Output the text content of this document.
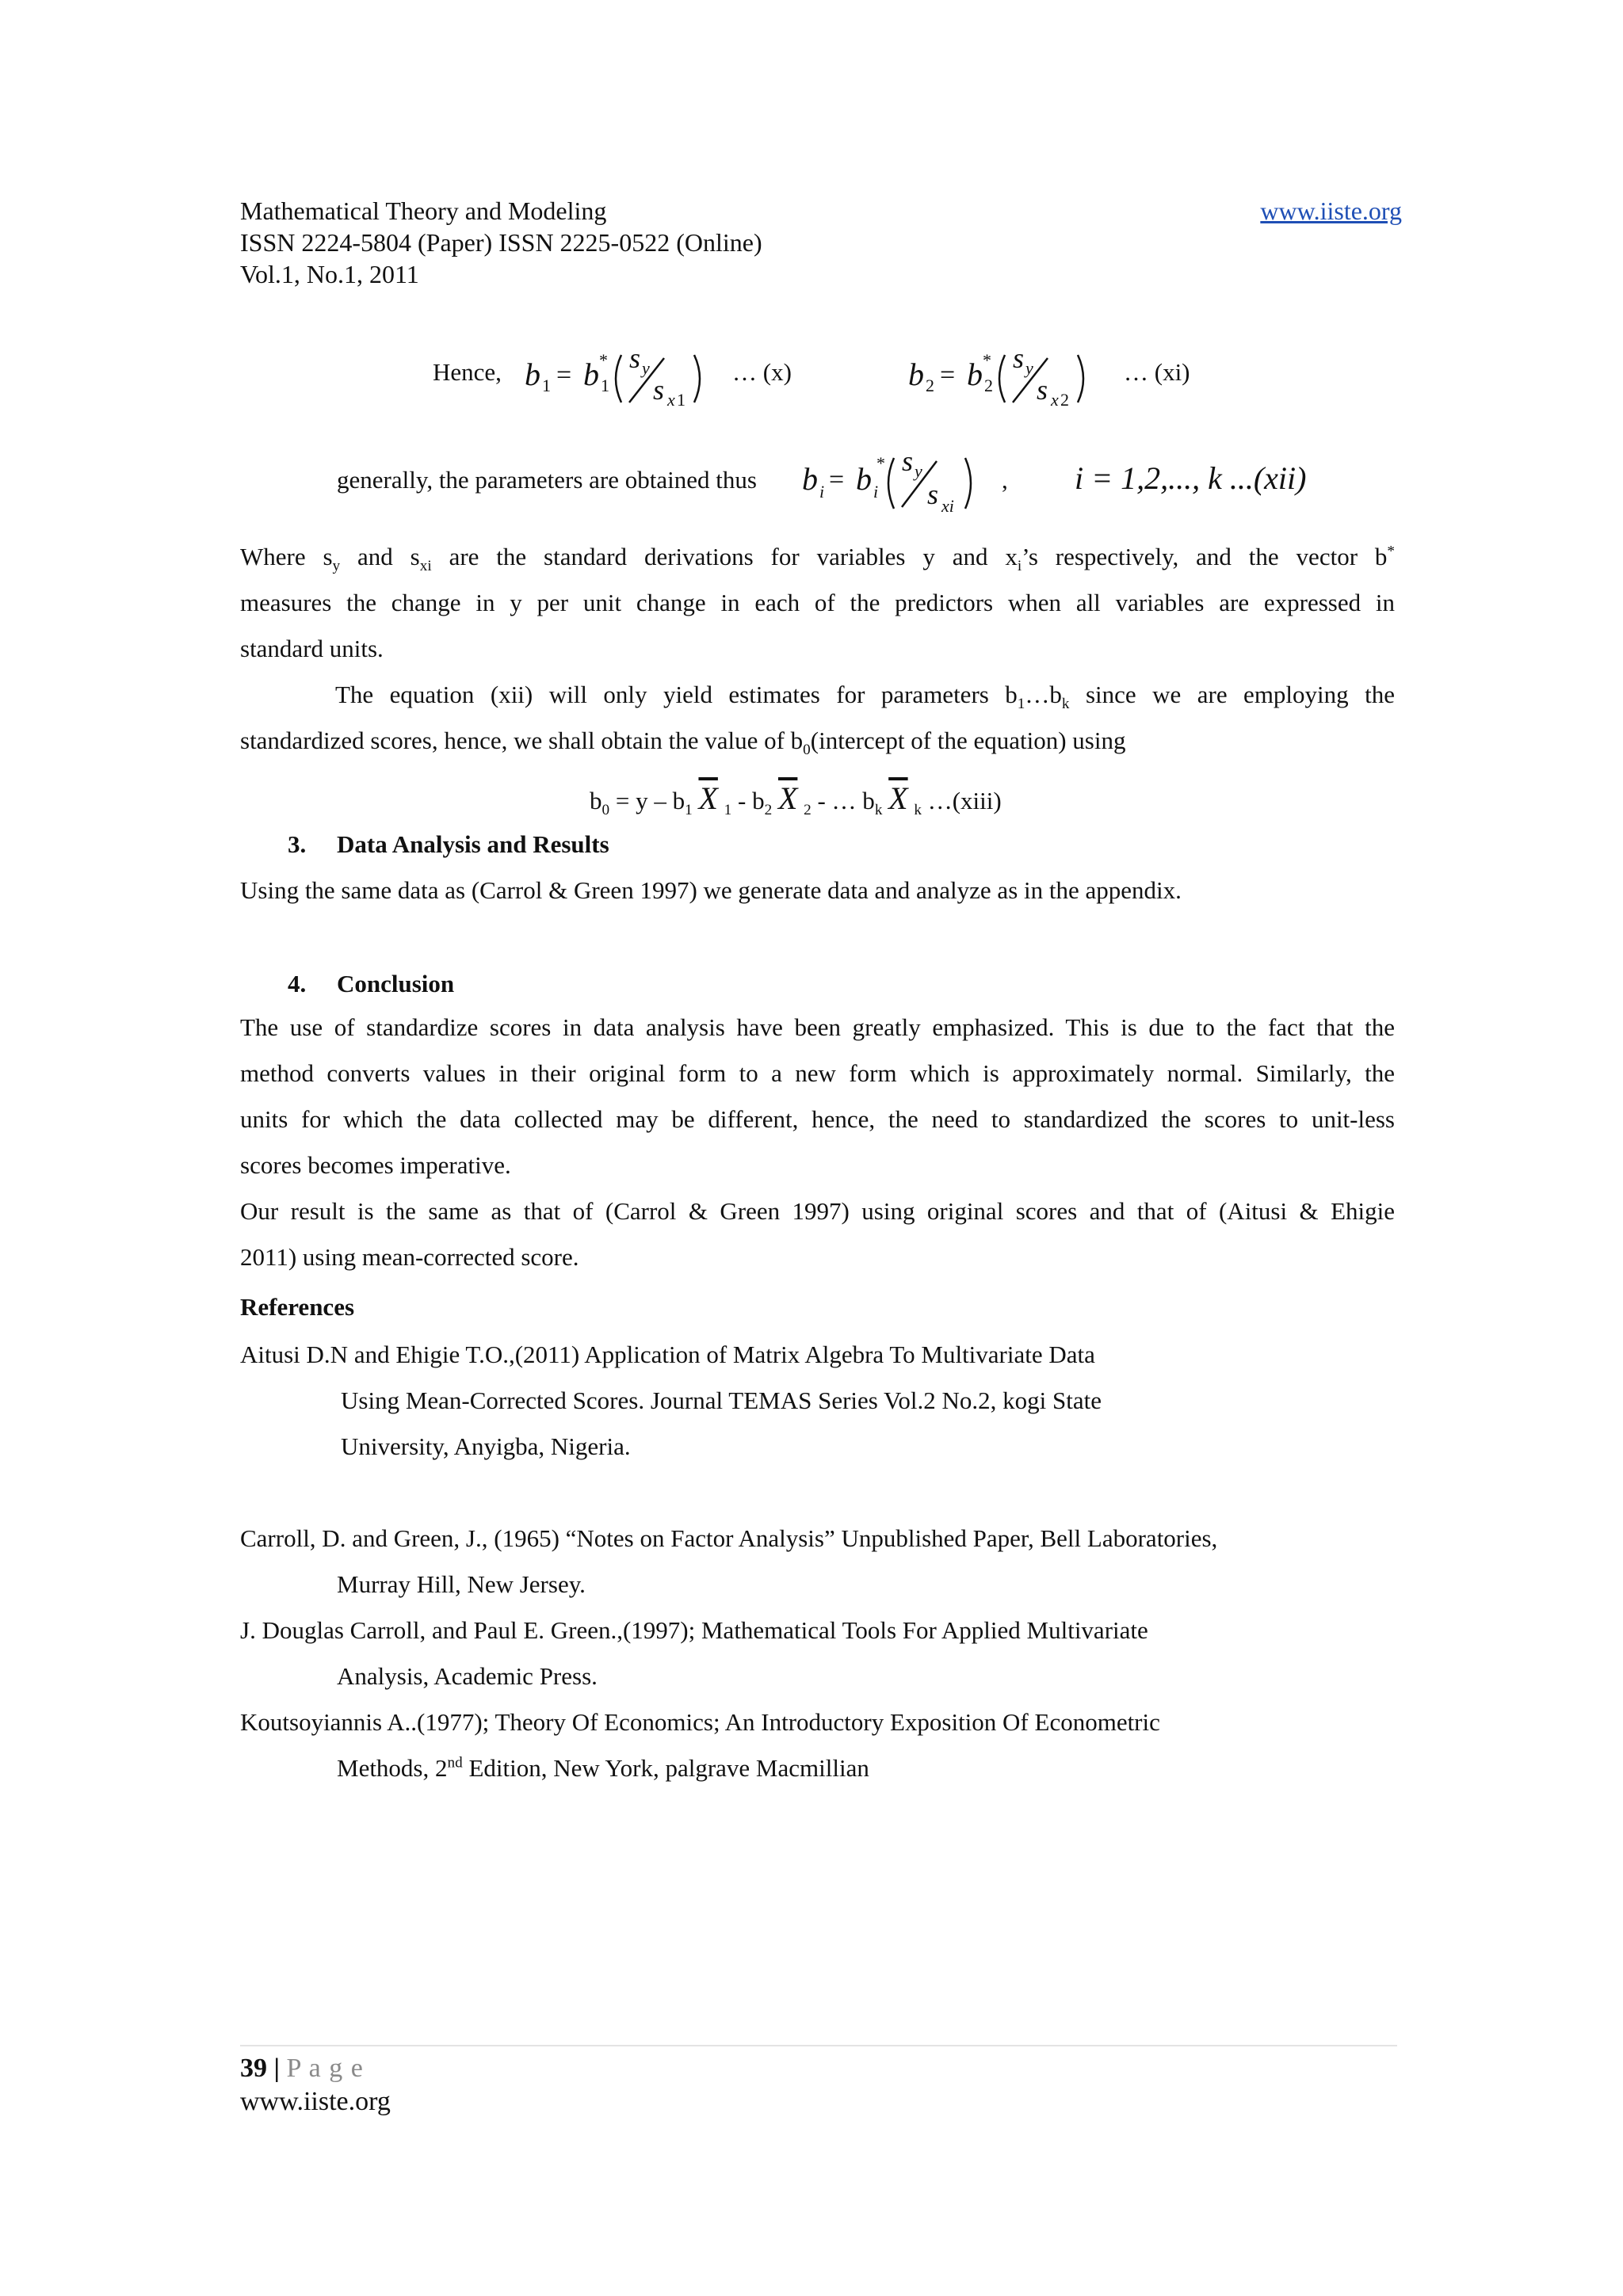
Mathematical Theory and Modeling	www.iiste.org
ISSN 2224-5804 (Paper) ISSN 2225-0522 (Online)
Vol.1, No.1, 2011
Hence, b 1 = b 1
* s y
s x 1
… (x)	b 2 = b 2
* s y
s x 2
… (xi)
generally, the parameters are obtained thus b i = b i
* s y
s xi
, i = 1,2,..., k ...(xii)
Where $s_y$ and $s_{xi}$ are the standard derivations for variables y and $x_i’s$ respectively, and the vector b*
measures the change in y per unit change in each of the predictors when all variables are expressed in
standard units.
The equation (xii) will only yield estimates for parameters $b_1\dots b_k$ since we are employing the
standardized scores, hence, we shall obtain the value of $b_0(intercept$ of the equation) using
$b_0 = y - b_1$ $\overline{X}$ $_1 - b_2$ $\overline{X}$ $_2$ - … $b_k$ $\overline{X}$ $_k$ …(xiii)
3. Data Analysis and Results
Using the same data as (Carrol & Green 1997) we generate data and analyze as in the appendix.
4. Conclusion
The use of standardize scores in data analysis have been greatly emphasized. This is due to the fact that the
method converts values in their original form to a new form which is approximately normal. Similarly, the
units for which the data collected may be different, hence, the need to standardized the scores to unit-less
scores becomes imperative.
Our result is the same as that of (Carrol & Green 1997) using original scores and that of (Aitusi & Ehigie
2011) using mean-corrected score.
References
Aitusi D.N and Ehigie T.O.,(2011) Application of Matrix Algebra To Multivariate Data
Using Mean-Corrected Scores. Journal TEMAS Series Vol.2 No.2, kogi State
University, Anyigba, Nigeria.
Carroll, D. and Green, J., (1965) “Notes on Factor Analysis” Unpublished Paper, Bell Laboratories,
Murray Hill, New Jersey.
J. Douglas Carroll, and Paul E. Green.,(1997); Mathematical Tools For Applied Multivariate
Analysis, Academic Press.
Koutsoyiannis A..(1977); Theory Of Economics; An Introductory Exposition Of Econometric
Methods, 2nd Edition, New York, palgrave Macmillian
39 | P a g e
www.iiste.org
